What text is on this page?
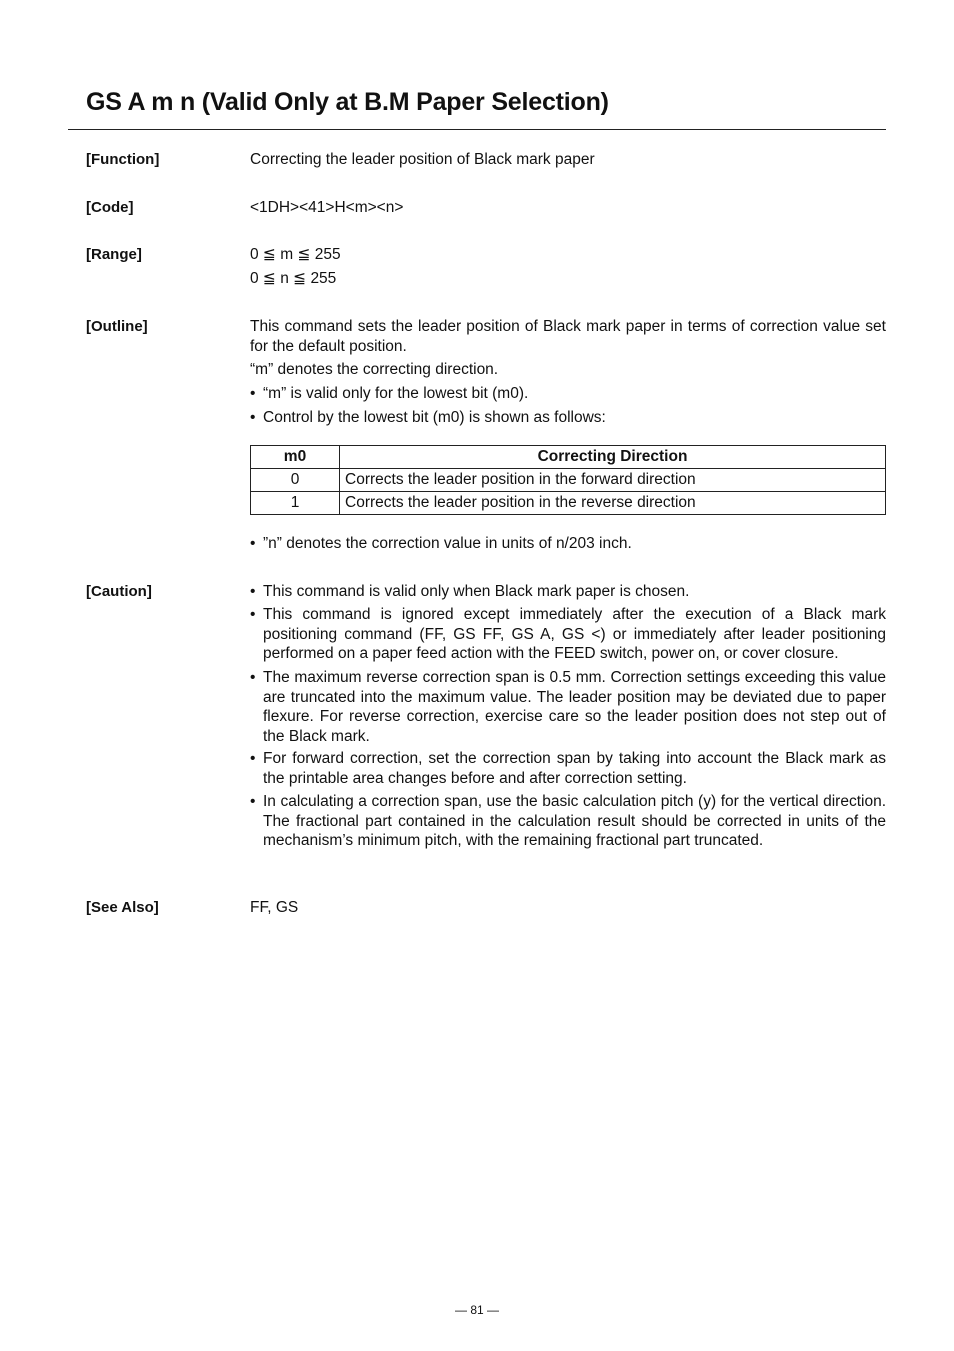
GS A m n (Valid Only at B.M Paper Selection)
[Function]	Correcting the leader position of Black mark paper
[Code]	<1DH><41>H<m><n>
[Range]	0 ≦ m ≦ 255
0 ≦ n ≦ 255
[Outline]	This command sets the leader position of Black mark paper in terms of correction value set for the default position.
“m” denotes the correcting direction.
• “m” is valid only for the lowest bit (m0).
• Control by the lowest bit (m0) is shown as follows:
m0	Correcting Direction
0	Corrects the leader position in the forward direction
1	Corrects the leader position in the reverse direction
• ”n” denotes the correction value in units of n/203 inch.
[Caution]	• This command is valid only when Black mark paper is chosen.
• This command is ignored except immediately after the execution of a Black mark positioning command (FF, GS FF, GS A, GS <) or immediately after leader positioning performed on a paper feed action with the FEED switch, power on, or cover closure.
• The maximum reverse correction span is 0.5 mm. Correction settings exceeding this value are truncated into the maximum value. The leader position may be deviated due to paper flexure. For reverse correction, exercise care so the leader position does not step out of the Black mark.
• For forward correction, set the correction span by taking into account the Black mark as the printable area changes before and after correction setting.
• In calculating a correction span, use the basic calculation pitch (y) for the vertical direction. The fractional part contained in the calculation result should be corrected in units of the mechanism’s minimum pitch, with the remaining fractional part truncated.
[See Also]	FF, GS
— 81 —
